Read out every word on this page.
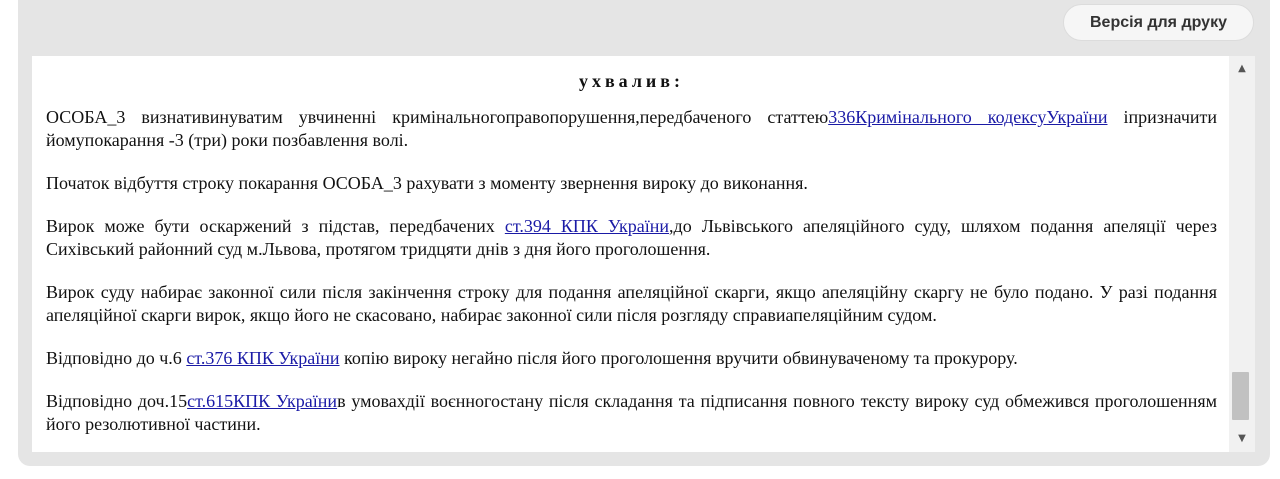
Версія для друку
ухвалив:

ОСОБА_3 визнативинуватим увчиненні кримінальногоправопорушення,передбаченого статтею336Кримінального кодексуУкраїни іпризначити йомупокарання -3 (три) роки позбавлення волі.

Початок відбуття строку покарання ОСОБА_3 рахувати з моменту звернення вироку до виконання.

Вирок може бути оскаржений з підстав, передбачених ст.394 КПК України,до Львівського апеляційного суду, шляхом подання апеляції через Сихівський районний суд м.Львова, протягом тридцяти днів з дня його проголошення.

Вирок суду набирає законної сили після закінчення строку для подання апеляційної скарги, якщо апеляційну скаргу не було подано. У разі подання апеляційної скарги вирок, якщо його не скасовано, набирає законної сили після розгляду справиапеляційним судом.

Відповідно до ч.6 ст.376 КПК України копію вироку негайно після його проголошення вручити обвинуваченому та прокурору.

Відповідно доч.15ст.615КПК Українив умовахдії воєнногостану після складання та підписання повного тексту вироку суд обмежився проголошенням його резолютивної частини.

▲
▼
